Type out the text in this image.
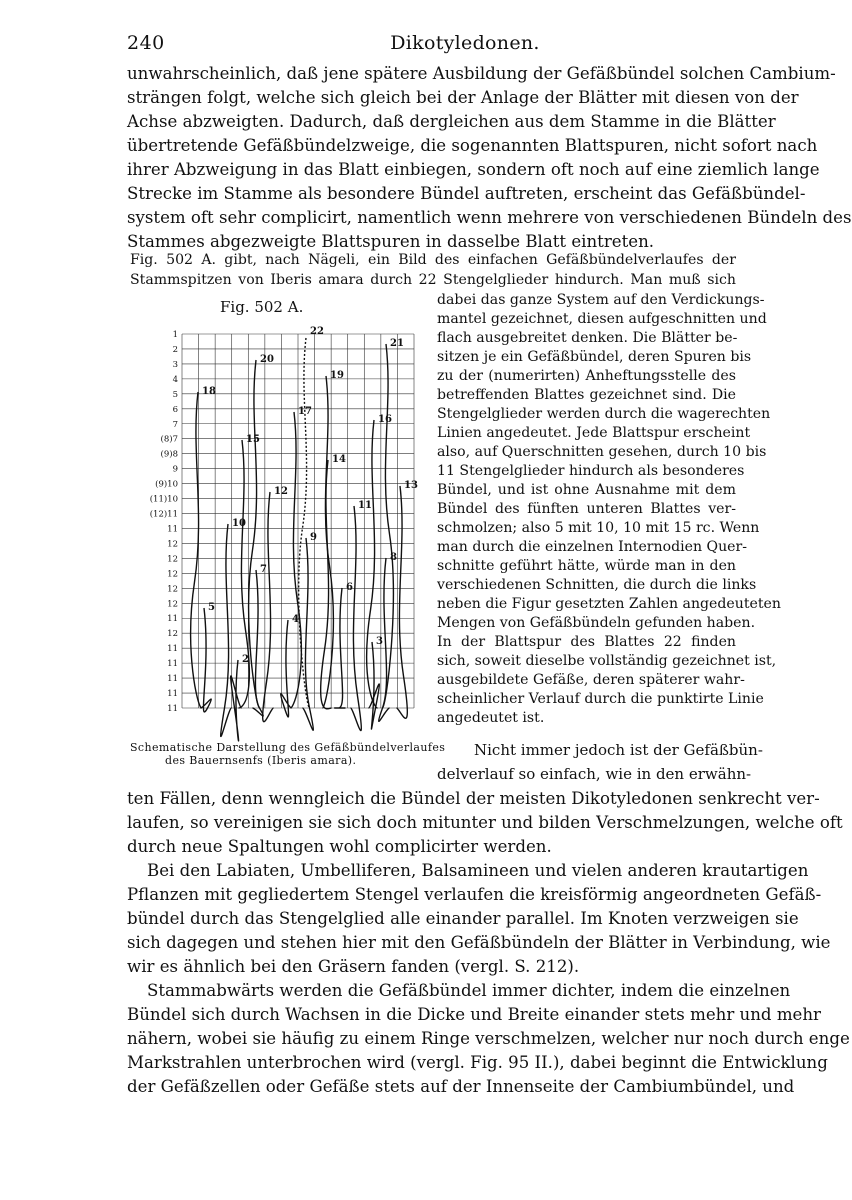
240	Dikotyledonen.
unwahrscheinlich, daß jene spätere Ausbildung der Gefäßbündel solchen Cambium-
strängen folgt, welche sich gleich bei der Anlage der Blätter mit diesen von der
Achse abzweigten. Dadurch, daß dergleichen aus dem Stamme in die Blätter
übertretende Gefäßbündelzweige, die sogenannten Blattspuren, nicht sofort nach
ihrer Abzweigung in das Blatt einbiegen, sondern oft noch auf eine ziemlich lange
Strecke im Stamme als besondere Bündel auftreten, erscheint das Gefäßbündel-
system oft sehr complicirt, namentlich wenn mehrere von verschiedenen Bündeln des
Stammes abgezweigte Blattspuren in dasselbe Blatt eintreten.
Fig. 502 A. gibt, nach Nägeli, ein Bild des einfachen Gefäßbündelverlaufes der
Stammspitzen von Iberis amara durch 22 Stengelglieder hindurch. Man muß sich
dabei das ganze System auf den Verdickungs-
mantel gezeichnet, diesen aufgeschnitten und
flach ausgebreitet denken. Die Blätter be-
sitzen je ein Gefäßbündel, deren Spuren bis
zu der (numerirten) Anheftungsstelle des
betreffenden Blattes gezeichnet sind. Die
Stengelglieder werden durch die wagerechten
Linien angedeutet. Jede Blattspur erscheint
also, auf Querschnitten gesehen, durch 10 bis
11 Stengelglieder hindurch als besonderes
Bündel, und ist ohne Ausnahme mit dem
Bündel des fünften unteren Blattes ver-
schmolzen; also 5 mit 10, 10 mit 15 rc. Wenn
man durch die einzelnen Internodien Quer-
schnitte geführt hätte, würde man in den
verschiedenen Schnitten, die durch die links
neben die Figur gesetzten Zahlen angedeuteten
Mengen von Gefäßbündeln gefunden haben.
In der Blattspur des Blattes 22 finden
sich, soweit dieselbe vollständig gezeichnet ist,
ausgebildete Gefäße, deren späterer wahr-
scheinlicher Verlauf durch die punktirte Linie
angedeutet ist.
Fig. 502 A.
1
2
3
4
5
6
7
(8)7
(9)8
9
(9)10
(11)10
(12)11
11
12
12
12
12
12
11
12
11
11
11
11
11
22
21
20
19
18
17
16
15
14
13
12
11
10
9
8
7
6
5
4
3
2
Schematische Darstellung des Gefäßbündelverlaufes
des Bauernsenfs (Iberis amara).
Nicht immer jedoch ist der Gefäßbün-
delverlauf so einfach, wie in den erwähn-
ten Fällen, denn wenngleich die Bündel der meisten Dikotyledonen senkrecht ver-
laufen, so vereinigen sie sich doch mitunter und bilden Verschmelzungen, welche oft
durch neue Spaltungen wohl complicirter werden.
Bei den Labiaten, Umbelliferen, Balsamineen und vielen anderen krautartigen
Pflanzen mit gegliedertem Stengel verlaufen die kreisförmig angeordneten Gefäß-
bündel durch das Stengelglied alle einander parallel. Im Knoten verzweigen sie
sich dagegen und stehen hier mit den Gefäßbündeln der Blätter in Verbindung, wie
wir es ähnlich bei den Gräsern fanden (vergl. S. 212).
Stammabwärts werden die Gefäßbündel immer dichter, indem die einzelnen
Bündel sich durch Wachsen in die Dicke und Breite einander stets mehr und mehr
nähern, wobei sie häufig zu einem Ringe verschmelzen, welcher nur noch durch enge
Markstrahlen unterbrochen wird (vergl. Fig. 95 II.), dabei beginnt die Entwicklung
der Gefäßzellen oder Gefäße stets auf der Innenseite der Cambiumbündel, und
